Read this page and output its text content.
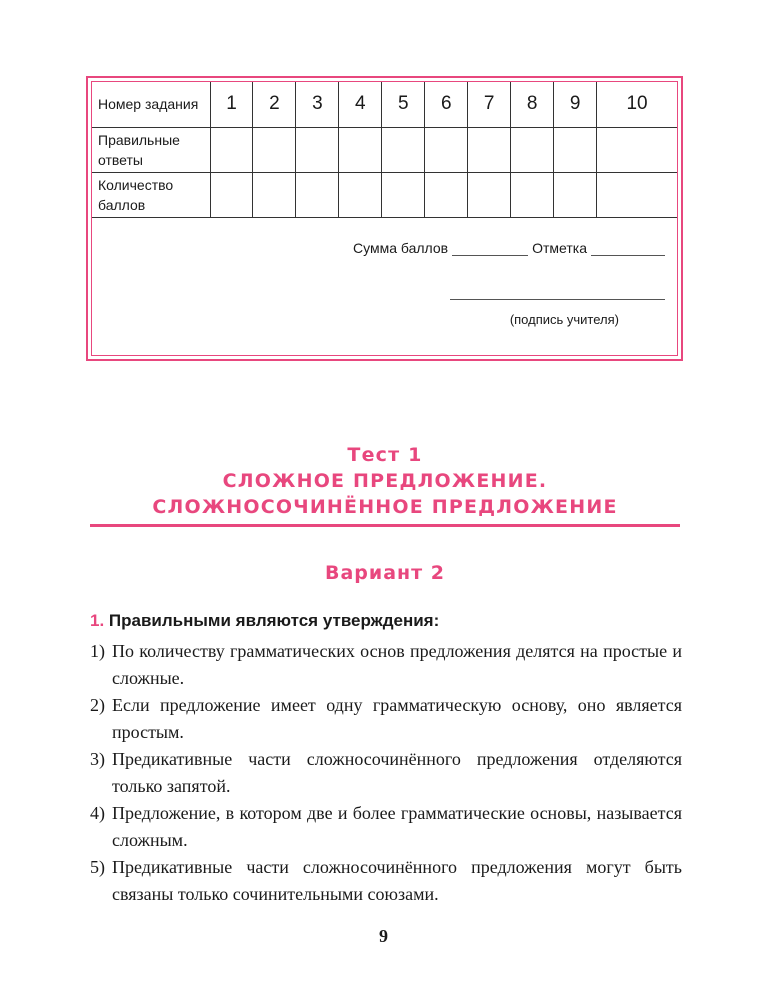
Номер задания	1	2	3	4	5	6	7	8	9	10
Правильные ответы										
Количество баллов										
Сумма баллов	Отметка
(подпись учителя)
Тест 1
СЛОЖНОЕ ПРЕДЛОЖЕНИЕ.
СЛОЖНОСОЧИНЁННОЕ ПРЕДЛОЖЕНИЕ
Вариант 2
1. Правильными являются утверждения:
1) По количеству грамматических основ предложения делятся на простые и сложные.
2) Если предложение имеет одну грамматическую основу, оно является простым.
3) Предикативные части сложносочинённого предложения отделяются только запятой.
4) Предложение, в котором две и более грамматические основы, называется сложным.
5) Предикативные части сложносочинённого предложения могут быть связаны только сочинительными союзами.
9
